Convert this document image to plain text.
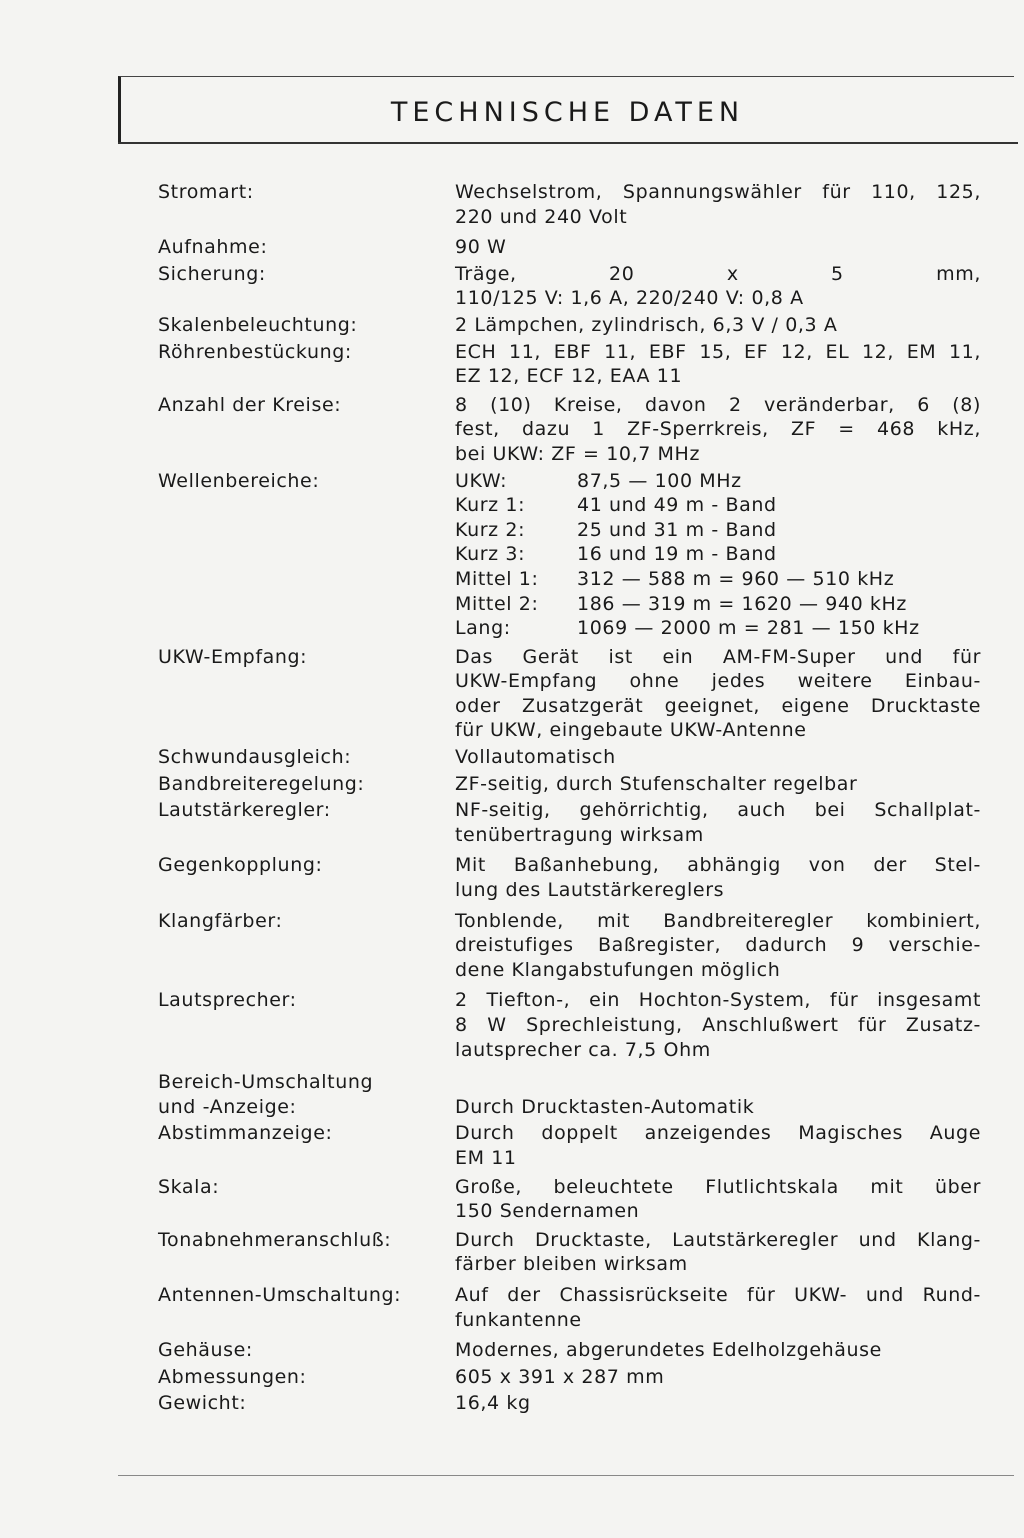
TECHNISCHE DATEN
Stromart:	Wechselstrom, Spannungswähler für 110, 125,
220 und 240 Volt
Aufnahme:	90 W
Sicherung:	Träge, 20 x 5 mm,
110/125 V: 1,6 A, 220/240 V: 0,8 A
Skalenbeleuchtung:	2 Lämpchen, zylindrisch, 6,3 V / 0,3 A
Röhrenbestückung:	ECH 11, EBF 11, EBF 15, EF 12, EL 12, EM 11,
EZ 12, ECF 12, EAA 11
Anzahl der Kreise:	8 (10) Kreise, davon 2 veränderbar, 6 (8)
fest, dazu 1 ZF-Sperrkreis, ZF = 468 kHz,
bei UKW: ZF = 10,7 MHz
Wellenbereiche:	UKW:	87,5 — 100 MHz
Kurz 1:	41 und 49 m - Band
Kurz 2:	25 und 31 m - Band
Kurz 3:	16 und 19 m - Band
Mittel 1: 312 — 588 m = 960 — 510 kHz
Mittel 2: 186 — 319 m = 1620 — 940 kHz
Lang:	1069 — 2000 m = 281 — 150 kHz
UKW-Empfang:	Das Gerät ist ein AM-FM-Super und für
UKW-Empfang ohne jedes weitere Einbau-
oder Zusatzgerät geeignet, eigene Drucktaste
für UKW, eingebaute UKW-Antenne
Schwundausgleich:	Vollautomatisch
Bandbreiteregelung:	ZF-seitig, durch Stufenschalter regelbar
Lautstärkeregler:	NF-seitig, gehörrichtig, auch bei Schallplat-
tenübertragung wirksam
Gegenkopplung:	Mit Baßanhebung, abhängig von der Stel-
lung des Lautstärkereglers
Klangfärber:	Tonblende, mit Bandbreiteregler kombiniert,
dreistufiges Baßregister, dadurch 9 verschie-
dene Klangabstufungen möglich
Lautsprecher:	2 Tiefton-, ein Hochton-System, für insgesamt
8 W Sprechleistung, Anschlußwert für Zusatz-
lautsprecher ca. 7,5 Ohm
Bereich-Umschaltung
und -Anzeige:
	Durch Drucktasten-Automatik
Abstimmanzeige:	Durch doppelt anzeigendes Magisches Auge
EM 11
Skala:	Große, beleuchtete Flutlichtskala mit über
150 Sendernamen
Tonabnehmeranschluß:	Durch Drucktaste, Lautstärkeregler und Klang-
färber bleiben wirksam
Antennen-Umschaltung:	Auf der Chassisrückseite für UKW- und Rund-
funkantenne
Gehäuse:	Modernes, abgerundetes Edelholzgehäuse
Abmessungen:	605 x 391 x 287 mm
Gewicht:	16,4 kg
